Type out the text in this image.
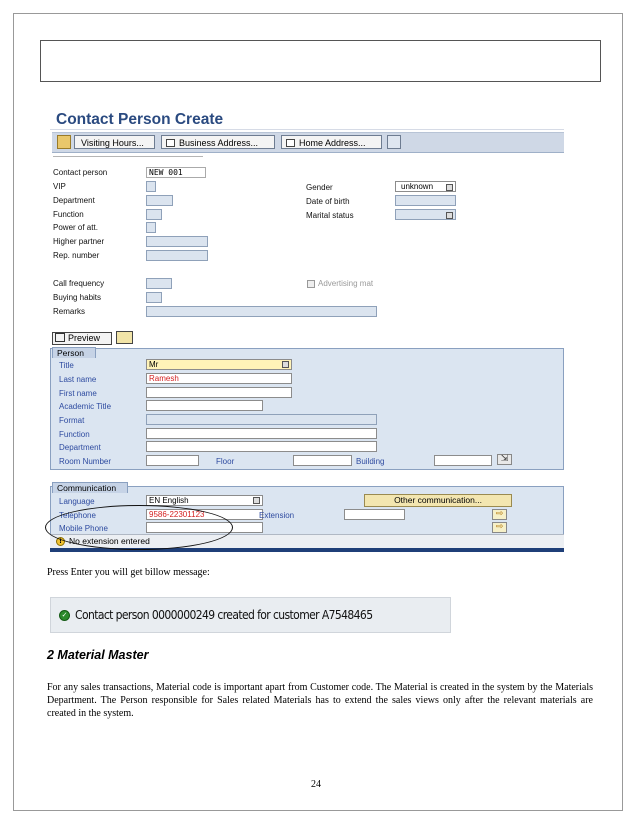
Contact Person Create
Visiting Hours...	Business Address...	Home Address...
Contact person	NEW 001
VIP
Department
Function
Power of att.
Higher partner
Rep. number
Gender	unknown
Date of birth
Marital status
Call frequency
Buying habits
Remarks
Advertising mat
Preview
Person
Title	Mr
Last name	Ramesh
First name
Academic Title
Format
Function
Department
Room Number	Floor	Building	⇲
Communication
Language	EN English	Other communication...
Telephone	9586-22301123	Extension	⇨
Mobile Phone	⇨
! No extension entered
Press Enter you will get billow message:
✓ Contact person 0000000249 created for customer A7548465
2 Material Master
For any sales transactions, Material code is important apart from Customer code. The Material is created in the system by the Materials Department. The Person responsible for Sales related Materials has to extend the sales views only after the relevant materials are created in the system.
24
